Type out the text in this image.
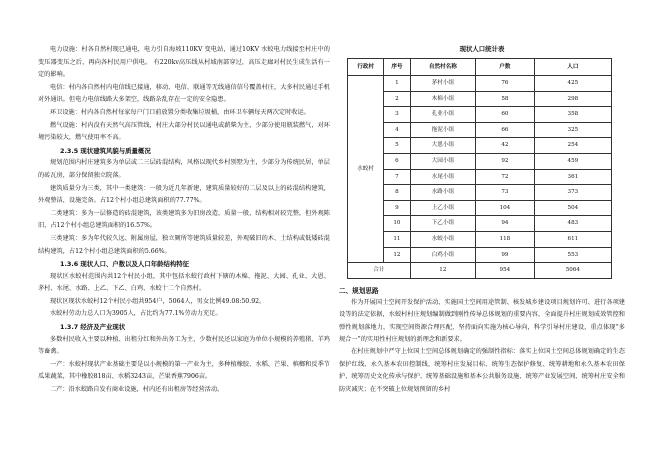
电力设施：村各自然村现已通电，电力引自海坡110KV 变电站，通过10KV 水蛟电力线接至村庄中的变压器变压之后，再向各村民用户供电。 有220kv高压线从村域南部穿过，高压走廊对村民生成生活有一定的影响。

电信：村内各自然村内电信线已接通，移动、电信、联通等无线通信信号覆盖村庄，大多村民通过手机对外通讯。但电力电信线路大多架空，线路杂乱存在一定的安全隐患。

环卫设施：村内各自然村每家每户门口前放置分类收集垃圾桶，由环卫车辆每天两次定时收运。

燃气设施：村内没有天然气高压管线，村庄大部分村民以通电或薪柴为主，少部分使用瓶装燃气，对环境污染较大，燃气使用率不高。

2.3.5 现状建筑风貌与质量概况

规划范围内村庄建筑多为单层或二三层砖混结构，风格以现代乡村别墅为主，少部分为传统民居，单层的砖瓦房，部分保留独立院落。

建筑质量分为三类，其中一类建筑：一般为近几年新建，建筑质量较好的二层及以上的砖混结构建筑，外观整洁，设施完备。占12个村小组总建筑面积的77.77%。

二类建筑：多为一层修造的砖混建筑，该类建筑多为旧房改造，质量一般，结构相对较完整，但外观陈旧，占12个村小组总建筑面积的16.57%。

三类建筑：多为年代较久远、附属房屋，独立厕所等建筑质量较差，外观破旧的木、土结构或低矮砖混结构建筑，占12个村小组总建筑面积的5.66%。

1.3.6 现状人口、户数以及人口年龄结构特征

现状区水蛟村范围内共12个村民小组，其中包括水蛟行政村下辖的木棉、拖泥、大园、孔业、大恩、茅村、水尾、水路、上乙、下乙、白鸡、水蛟十二个自然村。

现状区现状水蛟村12个村民小组共954户，5064人，男女比例49.08:50.92。

水蛟村劳动力总人口为3905人，占比约为77.1%劳动力充足。

1.3.7 经济及产业现状

多数村民收入主要以种植、出租分红和外出务工为主，少数村民还以家庭为单位小规模的养殖猪、羊鸡等畜禽。

一产：水蛟村现状产业基础主要是以小规模的第一产业为主，多种植橡胶、水稻、芒果、槟榔和反季节瓜果蔬菜，其中橡胶818亩、水稻3243亩，芒果香蕉7906亩。

二产：沿水蛟路自发有商业设施，村内还有出租房等经营活动。

现状人口统计表
行政村	序号	自然村名称	户数	人口
水蛟村	1	茅村小组	76	425
	2	木棉小组	58	298
	3	孔业小组	60	358
	4	拖泥小组	66	325
	5	大恩小组	42	254
	6	大园小组	92	459
	7	水尾小组	72	361
	8	水路小组	73	373
	9	上乙小组	104	504
	10	下乙小组	94	483
	11	水蛟小组	118	611
	12	白鸡小组	99	553
合计		12	954	5064
二、规划思路

作为开展国土空间开发保护活动、实施国土空间用途管制、核发城乡建设项目规划许可、进行各项建设等的法定依据，水蛟村村庄规划编制做到刚性传导总体规划的重要内容，全面提升村庄规划成效管控和弹性规划落地力，实现空间资源合理匹配，坚持面向实施为核心导向，科学引导村庄建设，重点体现“多规合一”的实用性村庄规划的新理念和新要求。

在村庄规划中严守上位国土空间总体规划确定的强制性指标：落实上位国土空间总体规划确定的生态保护红线、永久基本农田控制线，统筹村庄发展目标、统筹生态保护修复、统筹耕地和永久基本农田保护、统筹历史文化传承与保护、统筹基础设施和基本公共服务设施、统筹产业发展空间、统筹村庄安全和防灾减灾；在不突破上位规划预留的乡村
